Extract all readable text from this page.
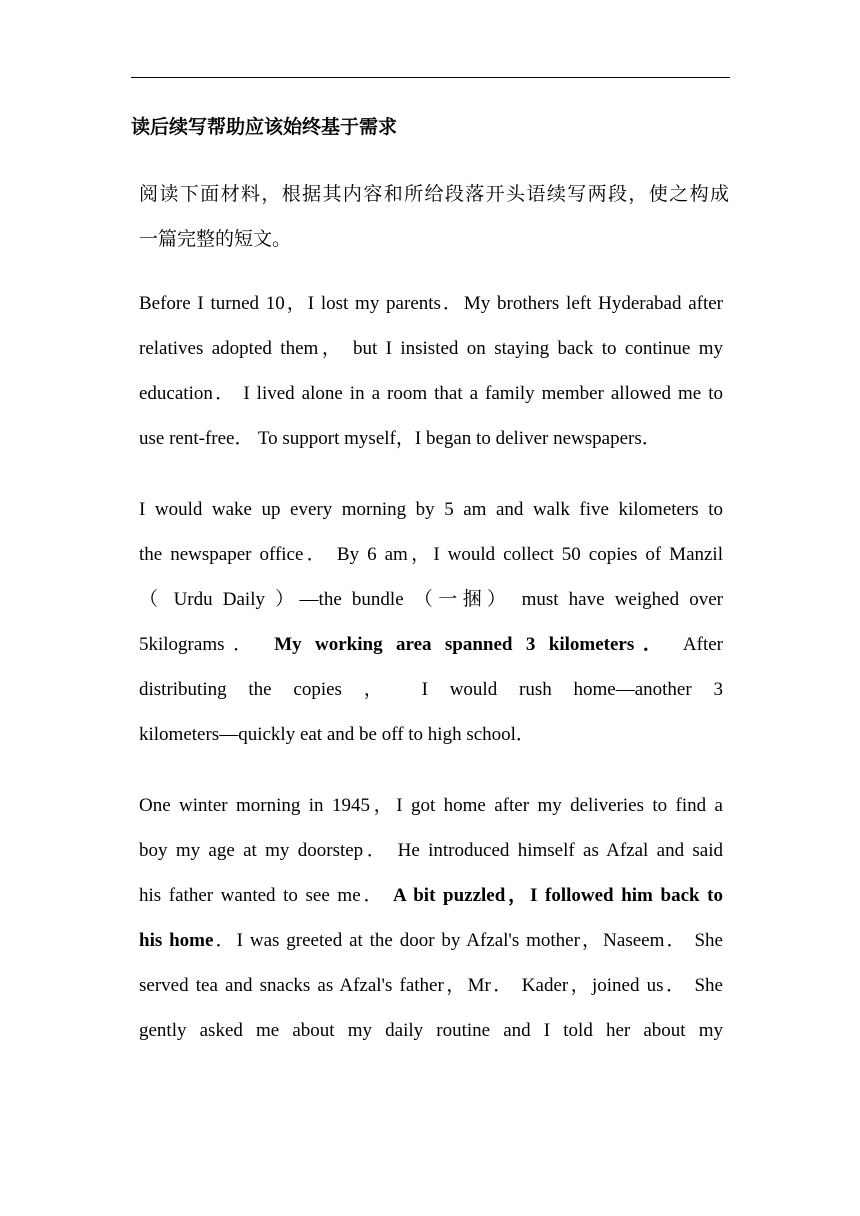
读后续写帮助应该始终基于需求
阅读下面材料，根据其内容和所给段落开头语续写两段，使之构成
一篇完整的短文。
Before I turned 10，I lost my parents．My brothers left Hyderabad after
relatives adopted them， but I insisted on staying back to continue my
education． I lived alone in a room that a family member allowed me to
use rent-free． To support myself，I began to deliver newspapers．
I would wake up every morning by 5 am and walk five kilometers to
the newspaper office． By 6 am，I would collect 50 copies of Manzil
（ Urdu Daily ）—the bundle （一捆） must have weighed over
5kilograms． My working area spanned 3 kilometers． After
distributing the copies ， I would rush home—another 3
kilometers—quickly eat and be off to high school．
One winter morning in 1945，I got home after my deliveries to find a
boy my age at my doorstep． He introduced himself as Afzal and said
his father wanted to see me． A bit puzzled，I followed him back to
his home．I was greeted at the door by Afzal's mother，Naseem． She
served tea and snacks as Afzal's father，Mr． Kader，joined us． She
gently asked me about my daily routine and I told her about my
